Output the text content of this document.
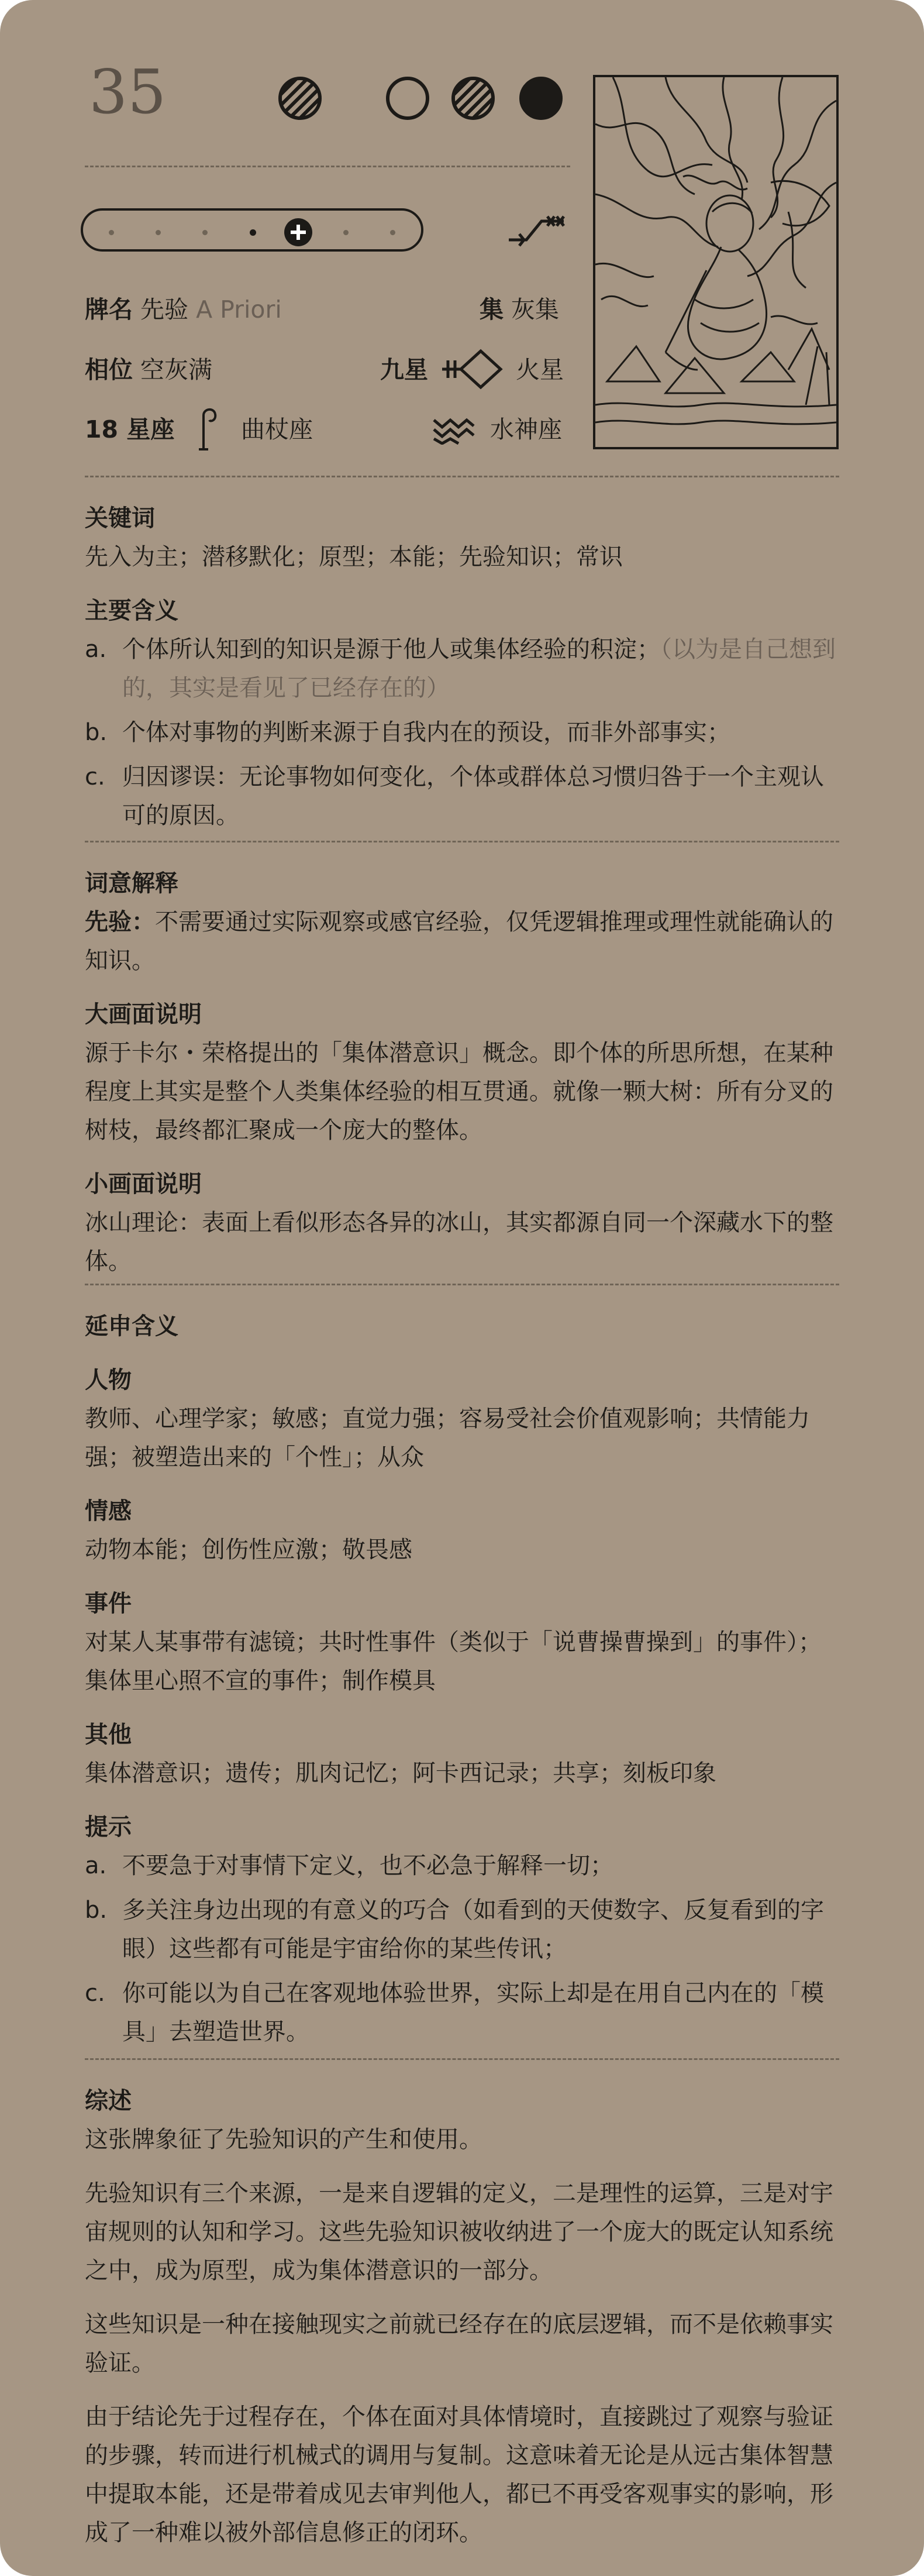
35
牌名 先验 A Priori	集 灰集
相位 空灰满	九星	火星
18 星座	曲杖座	水神座
关键词

先入为主；潜移默化；原型；本能；先验知识；常识

主要含义

a. 个体所认知到的知识是源于他人或集体经验的积淀；（以为是自己想到的，其实是看见了已经存在的）

b. 个体对事物的判断来源于自我内在的预设，而非外部事实；

c. 归因谬误：无论事物如何变化，个体或群体总习惯归咎于一个主观认可的原因。

词意解释

先验：不需要通过实际观察或感官经验，仅凭逻辑推理或理性就能确认的知识。

大画面说明

源于卡尔・荣格提出的「集体潜意识」概念。即个体的所思所想，在某种程度上其实是整个人类集体经验的相互贯通。就像一颗大树：所有分叉的树枝，最终都汇聚成一个庞大的整体。

小画面说明

冰山理论：表面上看似形态各异的冰山，其实都源自同一个深藏水下的整体。

延申含义
人物

教师、心理学家；敏感；直觉力强；容易受社会价值观影响；共情能力强；被塑造出来的「个性」；从众

情感

动物本能；创伤性应激；敬畏感

事件

对某人某事带有滤镜；共时性事件（类似于「说曹操曹操到」的事件）；集体里心照不宣的事件；制作模具

其他

集体潜意识；遗传；肌肉记忆；阿卡西记录；共享；刻板印象

提示

a. 不要急于对事情下定义，也不必急于解释一切；

b. 多关注身边出现的有意义的巧合（如看到的天使数字、反复看到的字眼）这些都有可能是宇宙给你的某些传讯；

c. 你可能以为自己在客观地体验世界，实际上却是在用自己内在的「模具」去塑造世界。

综述

这张牌象征了先验知识的产生和使用。

先验知识有三个来源，一是来自逻辑的定义，二是理性的运算，三是对宇宙规则的认知和学习。这些先验知识被收纳进了一个庞大的既定认知系统之中，成为原型，成为集体潜意识的一部分。

这些知识是一种在接触现实之前就已经存在的底层逻辑，而不是依赖事实验证。

由于结论先于过程存在，个体在面对具体情境时，直接跳过了观察与验证的步骤，转而进行机械式的调用与复制。这意味着无论是从远古集体智慧中提取本能，还是带着成见去审判他人，都已不再受客观事实的影响，形成了一种难以被外部信息修正的闭环。
